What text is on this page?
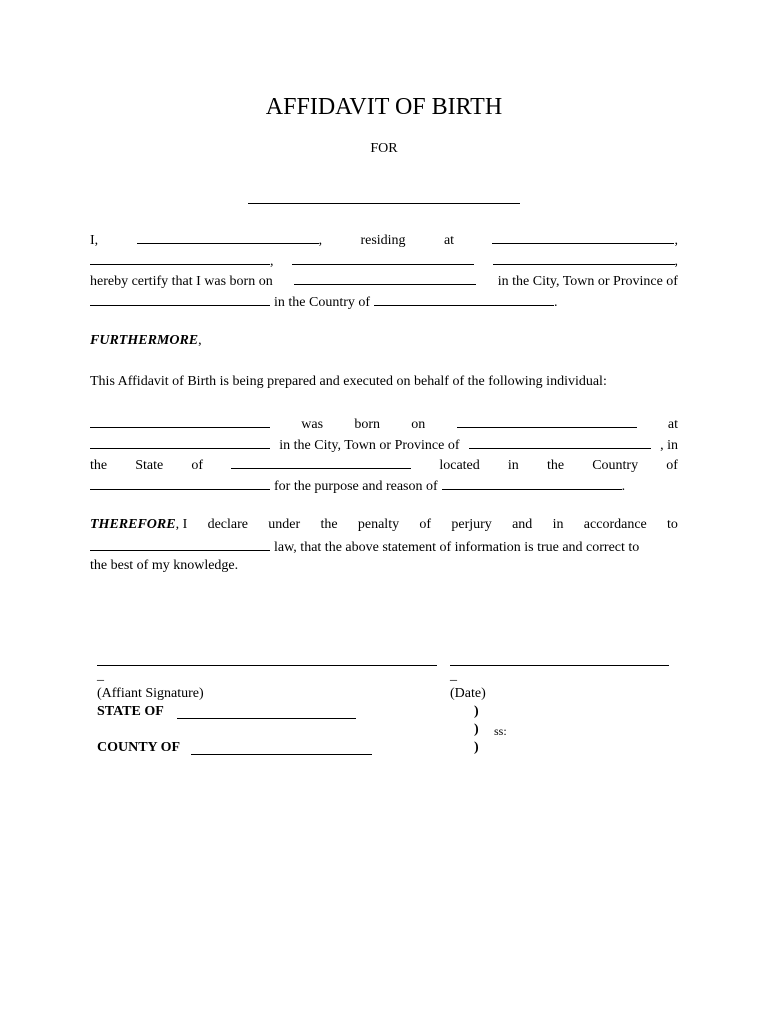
AFFIDAVIT OF BIRTH
FOR
I,	,	residing	at	,
,	,
hereby certify that I was born on	in the City, Town or Province of
in the Country of	.
FURTHERMORE ,
This Affidavit of Birth is being prepared and executed on behalf of the following individual:
was born on	at
in the City, Town or Province of	, in
the State of	located in the Country of
for the purpose and reason of	.
THEREFORE, I declare under the penalty of perjury and in accordance to
law, that the above statement of information is true and correct to
the best of my knowledge.
_	_
(Affiant Signature)	(Date)
STATE OF	)
) ss:
COUNTY OF	)
